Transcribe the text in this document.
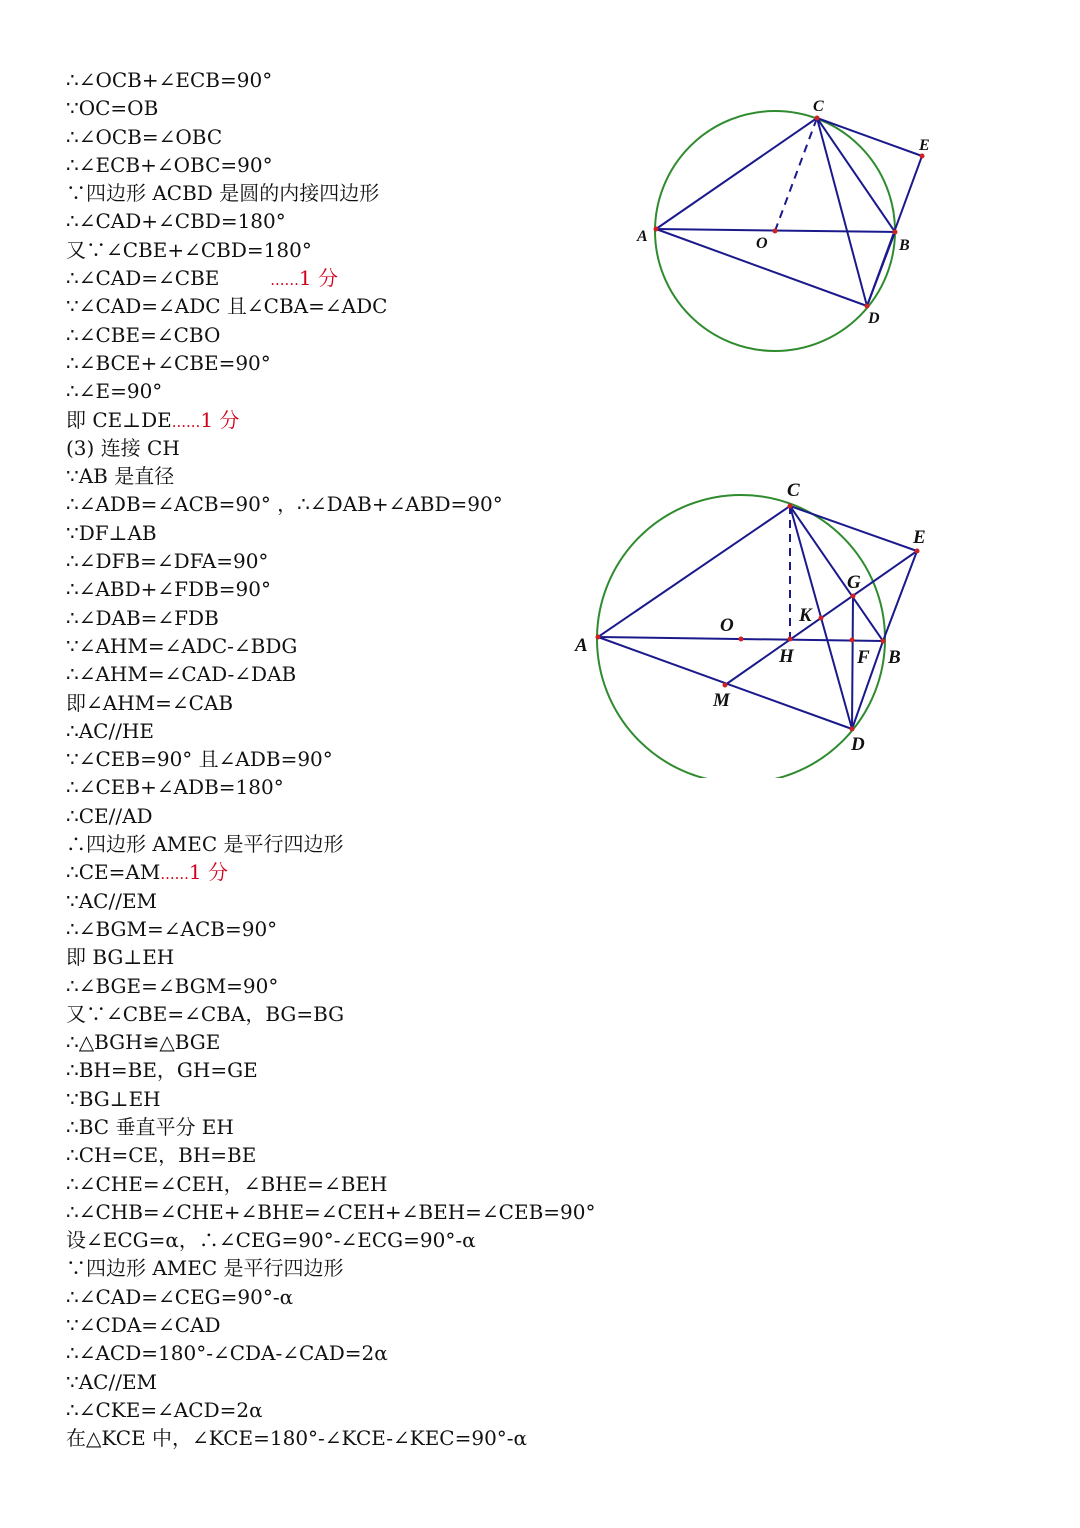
∴∠OCB+∠ECB=90°
∵OC=OB
∴∠OCB=∠OBC
∴∠ECB+∠OBC=90°
∵四边形 ACBD 是圆的内接四边形
∴∠CAD+∠CBD=180°
又∵∠CBE+∠CBD=180°
∴∠CAD=∠CBE	......1 分
∵∠CAD=∠ADC 且∠CBA=∠ADC
∴∠CBE=∠CBO
∴∠BCE+∠CBE=90°
∴∠E=90°
即 CE⊥DE......1 分
(3) 连接 CH
∵AB 是直径
∴∠ADB=∠ACB=90° ，∴∠DAB+∠ABD=90°
∵DF⊥AB
∴∠DFB=∠DFA=90°
∴∠ABD+∠FDB=90°
∴∠DAB=∠FDB
∵∠AHM=∠ADC-∠BDG
∴∠AHM=∠CAD-∠DAB
即∠AHM=∠CAB
∴AC//HE
∵∠CEB=90° 且∠ADB=90°
∴∠CEB+∠ADB=180°
∴CE//AD
∴四边形 AMEC 是平行四边形
∴CE=AM......1 分
∵AC//EM
∴∠BGM=∠ACB=90°
即 BG⊥EH
∴∠BGE=∠BGM=90°
又∵∠CBE=∠CBA，BG=BG
∴△BGH≌△BGE
∴BH=BE，GH=GE
∵BG⊥EH
∴BC 垂直平分 EH
∴CH=CE，BH=BE
∴∠CHE=∠CEH，∠BHE=∠BEH
∴∠CHB=∠CHE+∠BHE=∠CEH+∠BEH=∠CEB=90°
设∠ECG=α，∴∠CEG=90°-∠ECG=90°-α
∵四边形 AMEC 是平行四边形
∴∠CAD=∠CEG=90°-α
∵∠CDA=∠CAD
∴∠ACD=180°-∠CDA-∠CAD=2α
∵AC//EM
∴∠CKE=∠ACD=2α
在△KCE 中，∠KCE=180°-∠KCE-∠KEC=90°-α
C
E
A	O	B
D
C
E
G
K
O
A
H	F B
M
D
